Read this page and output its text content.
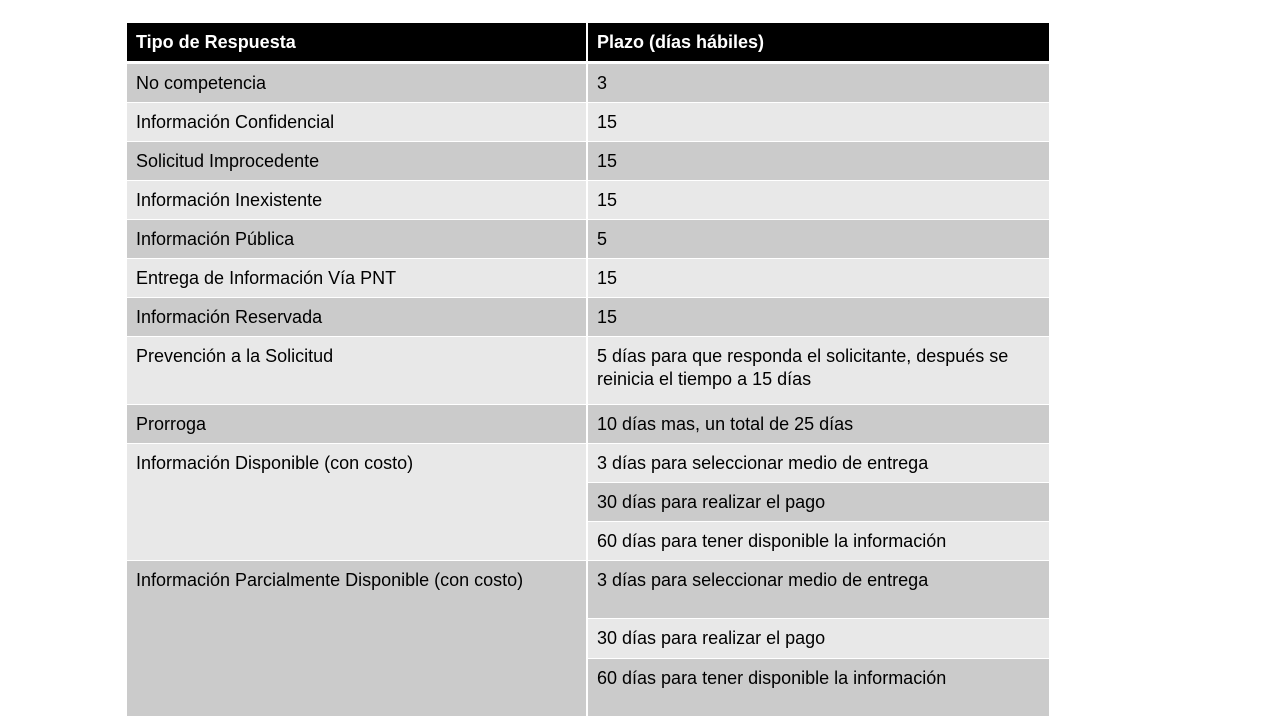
Tipo de Respuesta	Plazo (días hábiles)
No competencia	3
Información Confidencial	15
Solicitud Improcedente	15
Información Inexistente	15
Información Pública	5
Entrega de Información Vía PNT	15
Información Reservada	15
Prevención a la Solicitud	5 días para que responda el solicitante, después se reinicia el tiempo a 15 días
Prorroga	10 días mas, un total de 25 días
Información Disponible (con costo)	3 días para seleccionar medio de entrega
	30 días para realizar el pago
	60 días para tener disponible la información
Información Parcialmente Disponible (con costo)	3 días para seleccionar medio de entrega
	30 días para realizar el pago
	60 días para tener disponible la información
